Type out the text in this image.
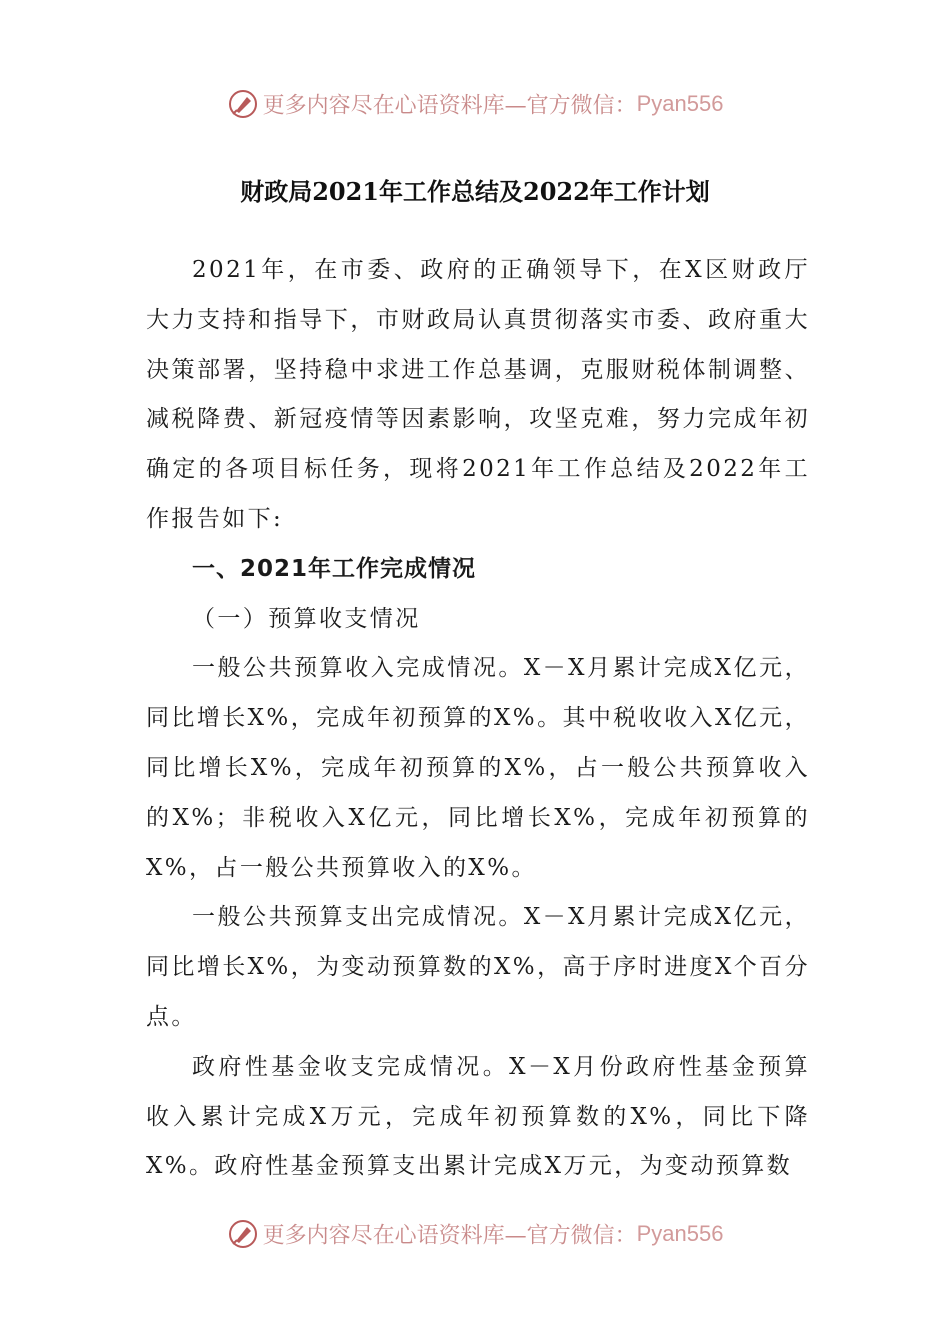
更多内容尽在心语资料库—官方微信：Pyan556
财政局2021年工作总结及2022年工作计划

2021年，在市委、政府的正确领导下，在X区财政厅大力支持和指导下，市财政局认真贯彻落实市委、政府重大决策部署，坚持稳中求进工作总基调，克服财税体制调整、减税降费、新冠疫情等因素影响，攻坚克难，努力完成年初确定的各项目标任务，现将2021年工作总结及2022年工作报告如下:

一、2021年工作完成情况
（一）预算收支情况

一般公共预算收入完成情况。X－X月累计完成X亿元，同比增长X%，完成年初预算的X%。其中税收收入X亿元，同比增长X%，完成年初预算的X%，占一般公共预算收入的X%；非税收入X亿元，同比增长X%，完成年初预算的X%，占一般公共预算收入的X%。

一般公共预算支出完成情况。X－X月累计完成X亿元，同比增长X%，为变动预算数的X%，高于序时进度X个百分点。

政府性基金收支完成情况。X－X月份政府性基金预算收入累计完成X万元，完成年初预算数的X%，同比下降X%。政府性基金预算支出累计完成X万元，为变动预算数

更多内容尽在心语资料库—官方微信：Pyan556
